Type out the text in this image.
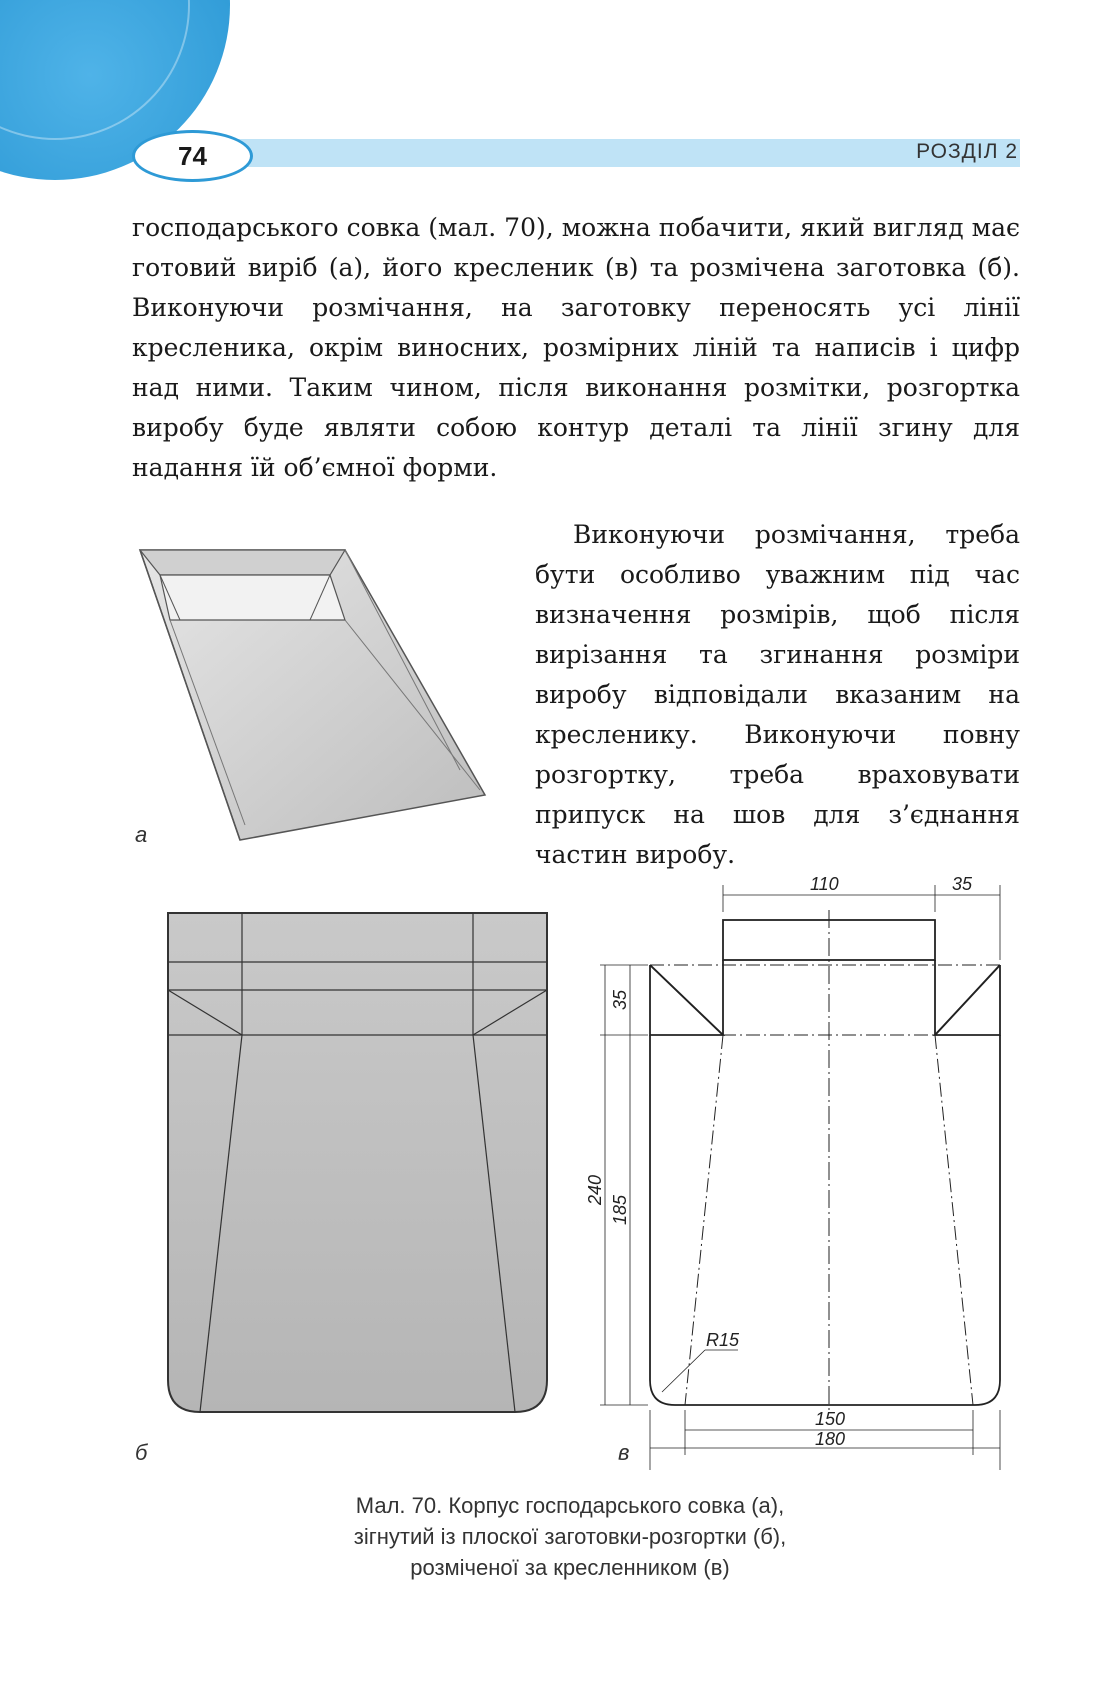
74	РОЗДІЛ 2

господарського совка (мал. 70), можна побачити, який вигляд має готовий виріб (а), його кресленик (в) та розмічена заготовка (б). Виконуючи розмічання, на заготовку переносять усі лінії кресленика, окрім виносних, розмірних ліній та написів і цифр над ними. Таким чином, після виконання розмітки, розгортка виробу буде являти собою контур деталі та лінії згину для надання їй об’ємної форми.

а

Виконуючи розмічання, треба бути особливо уважним під час визначення розмірів, щоб після вирізання та згинання розміри виробу відповідали вказаним на кресленику. Виконуючи повну розгортку, треба враховувати припуск на шов для з’єднання частин виробу.

б
110	35
35
240
185
R15
150
180
в
Мал. 70. Корпус господарського совка (а),
зігнутий із плоскої заготовки-розгортки (б),
розміченої за кресленником (в)
